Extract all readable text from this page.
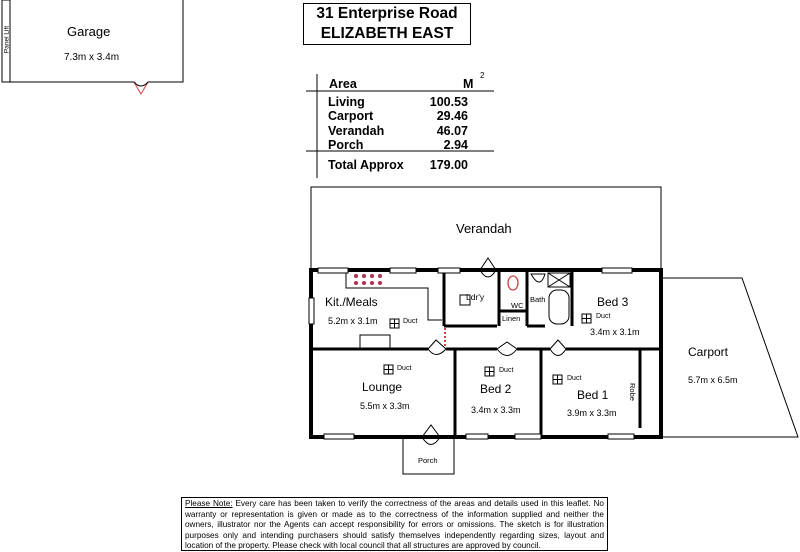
Garage
7.3m x 3.4m
Panel Lift
31 Enterprise Road
ELIZABETH EAST
Area	M
2
Living	100.53
Carport	29.46
Verandah	46.07
Porch	2.94
Total Approx 179.00
Verandah
Kit./Meals
5.2m x 3.1m	Duct
Ldr'y
WC
Linen
Bath	Bed 3
Duct
3.4m x 3.1m
Duct
Lounge
5.5m x 3.3m
Duct
Bed 2
3.4m x 3.3m
Duct
Bed 1
3.9m x 3.3m
Robe
Carport
5.7m x 6.5m
Porch
Please Note: Every care has been taken to verify the correctness of the areas and details used in this leaflet. No warranty or representation is given or made as to the correctness of the information supplied and neither the owners, illustrator nor the Agents can accept responsibility for errors or omissions. The sketch is for illustration purposes only and intending purchasers should satisfy themselves independently regarding sizes, layout and location of the property. Please check with local council that all structures are approved by council.
